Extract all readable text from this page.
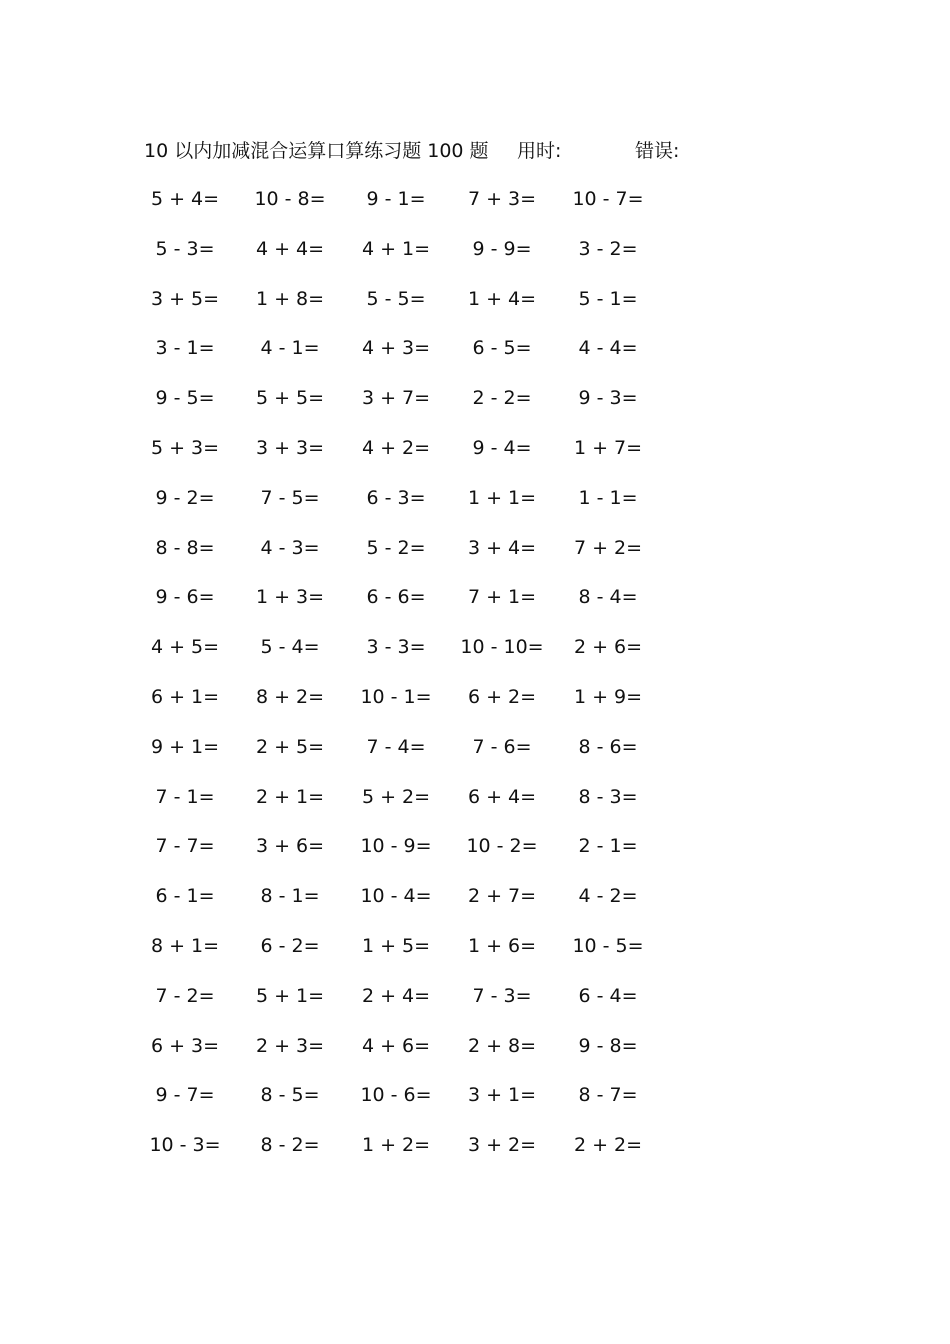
10 以内加减混合运算口算练习题 100 题 用时:	错误:
5 + 4=	10 - 8=	9 - 1=	7 + 3=	10 - 7=
5 - 3=	4 + 4=	4 + 1=	9 - 9=	3 - 2=
3 + 5=	1 + 8=	5 - 5=	1 + 4=	5 - 1=
3 - 1=	4 - 1=	4 + 3=	6 - 5=	4 - 4=
9 - 5=	5 + 5=	3 + 7=	2 - 2=	9 - 3=
5 + 3=	3 + 3=	4 + 2=	9 - 4=	1 + 7=
9 - 2=	7 - 5=	6 - 3=	1 + 1=	1 - 1=
8 - 8=	4 - 3=	5 - 2=	3 + 4=	7 + 2=
9 - 6=	1 + 3=	6 - 6=	7 + 1=	8 - 4=
4 + 5=	5 - 4=	3 - 3=	10 - 10=	2 + 6=
6 + 1=	8 + 2=	10 - 1=	6 + 2=	1 + 9=
9 + 1=	2 + 5=	7 - 4=	7 - 6=	8 - 6=
7 - 1=	2 + 1=	5 + 2=	6 + 4=	8 - 3=
7 - 7=	3 + 6=	10 - 9=	10 - 2=	2 - 1=
6 - 1=	8 - 1=	10 - 4=	2 + 7=	4 - 2=
8 + 1=	6 - 2=	1 + 5=	1 + 6=	10 - 5=
7 - 2=	5 + 1=	2 + 4=	7 - 3=	6 - 4=
6 + 3=	2 + 3=	4 + 6=	2 + 8=	9 - 8=
9 - 7=	8 - 5=	10 - 6=	3 + 1=	8 - 7=
10 - 3=	8 - 2=	1 + 2=	3 + 2=	2 + 2=
